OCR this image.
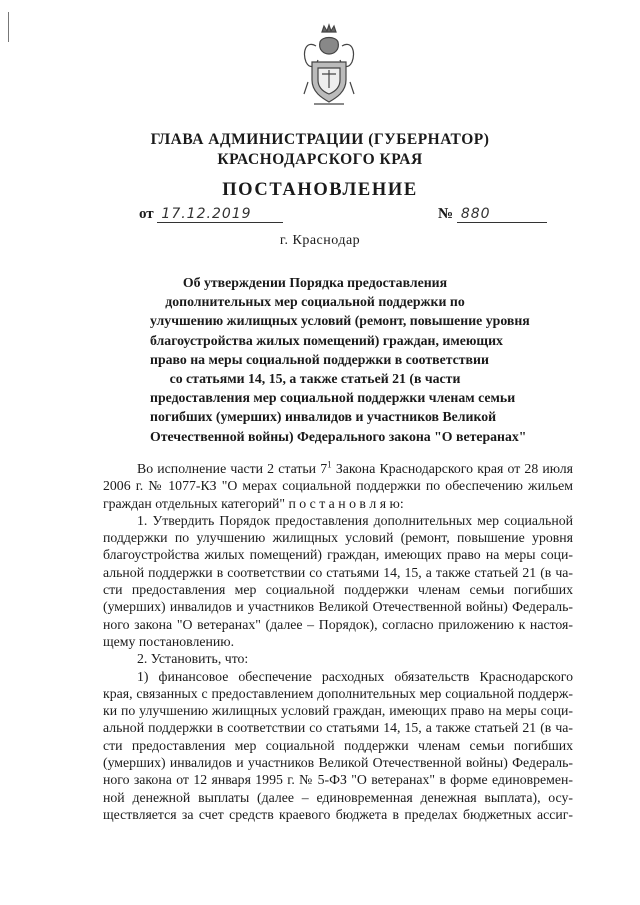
ГЛАВА АДМИНИСТРАЦИИ (ГУБЕРНАТОР)
КРАСНОДАРСКОГО КРАЯ
ПОСТАНОВЛЕНИЕ
от 17.12.2019	№ 880
г. Краснодар
Об утверждении Порядка предоставления
дополнительных мер социальной поддержки по
улучшению жилищных условий (ремонт, повышение уровня
благоустройства жилых помещений) граждан, имеющих
право на меры социальной поддержки в соответствии
со статьями 14, 15, а также статьей 21 (в части
предоставления мер социальной поддержки членам семьи
погибших (умерших) инвалидов и участников Великой
Отечественной войны) Федерального закона "О ветеранах"
Во исполнение части 2 статьи $7^1$ Закона Краснодарского края от 28 июля
2006 г. № 1077-КЗ "О мерах социальной поддержки по обеспечению жильем
граждан отдельных категорий" п о с т а н о в л я ю:
1. Утвердить Порядок предоставления дополнительных мер социальной
поддержки по улучшению жилищных условий (ремонт, повышение уровня
благоустройства жилых помещений) граждан, имеющих право на меры соци-
альной поддержки в соответствии со статьями 14, 15, а также статьей 21 (в ча-
сти предоставления мер социальной поддержки членам семьи погибших
(умерших) инвалидов и участников Великой Отечественной войны) Федераль-
ного закона "О ветеранах" (далее – Порядок), согласно приложению к настоя-
щему постановлению.
2. Установить, что:
1) финансовое обеспечение расходных обязательств Краснодарского
края, связанных с предоставлением дополнительных мер социальной поддерж-
ки по улучшению жилищных условий граждан, имеющих право на меры соци-
альной поддержки в соответствии со статьями 14, 15, а также статьей 21 (в ча-
сти предоставления мер социальной поддержки членам семьи погибших
(умерших) инвалидов и участников Великой Отечественной войны) Федераль-
ного закона от 12 января 1995 г. № 5-ФЗ "О ветеранах" в форме единовремен-
ной денежной выплаты (далее – единовременная денежная выплата), осу-
ществляется за счет средств краевого бюджета в пределах бюджетных ассиг-
